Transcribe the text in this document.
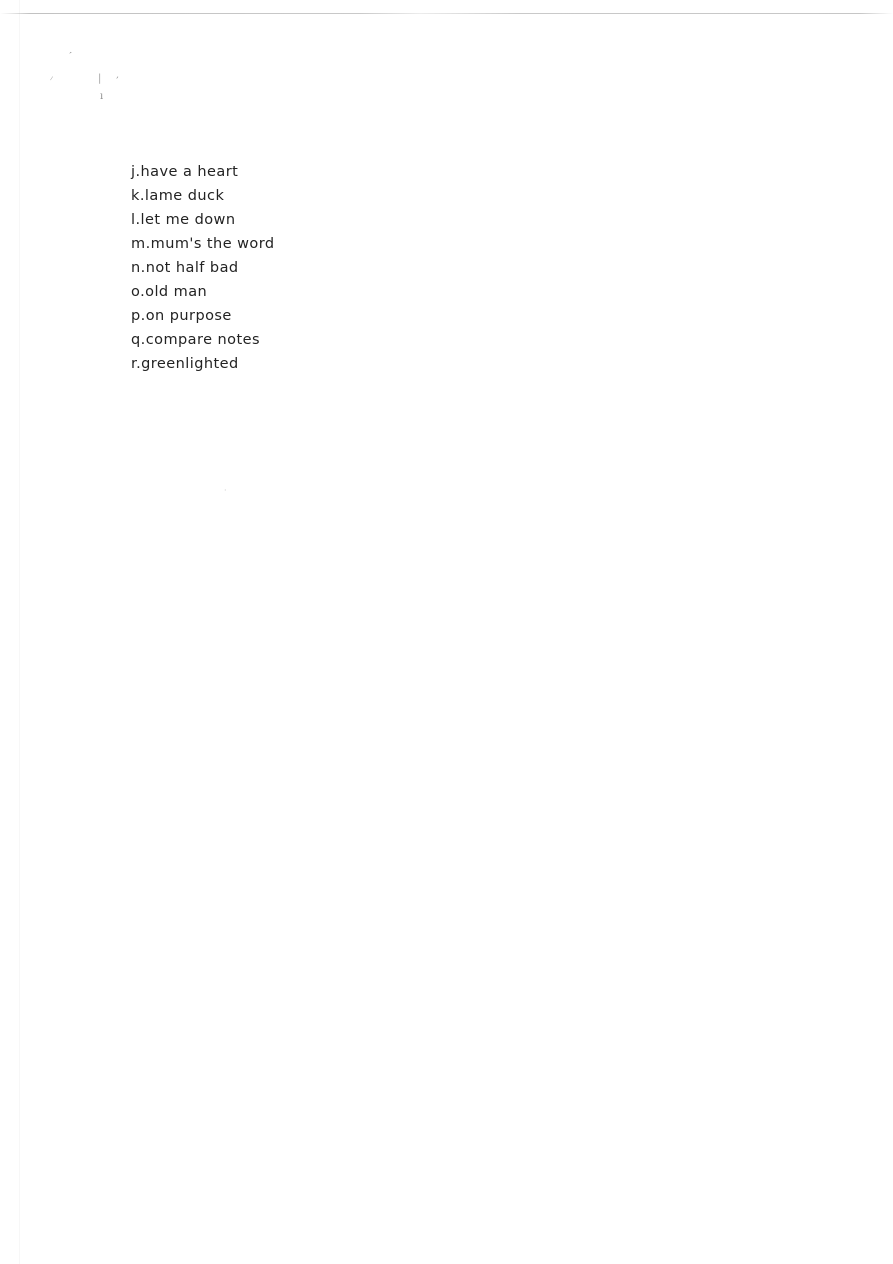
′
⸍	| ’
ı
·
j.have a heart
k.lame duck
l.let me down
m.mum's the word
n.not half bad
o.old man
p.on purpose
q.compare notes
r.greenlighted
